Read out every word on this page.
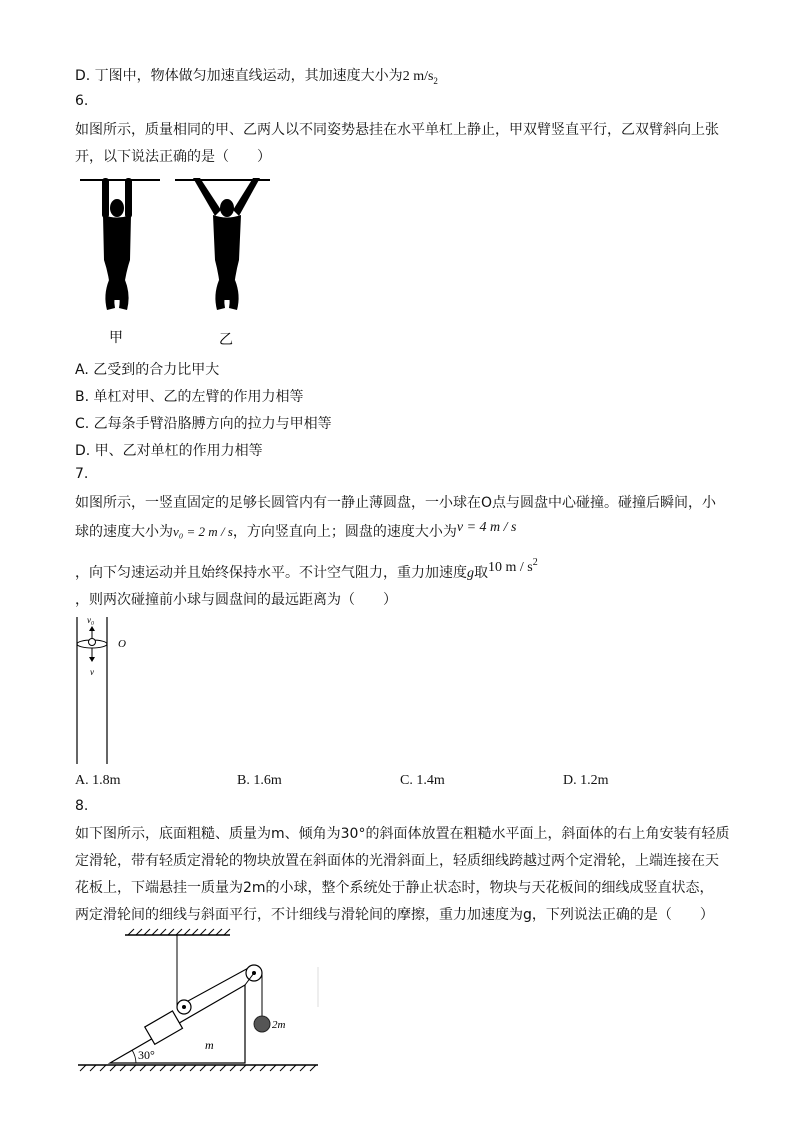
D. 丁图中，物体做匀加速直线运动，其加速度大小为2 $m/s_2$
6.
如图所示，质量相同的甲、乙两人以不同姿势悬挂在水平单杠上静止，甲双臂竖直平行，乙双臂斜向上张
开，以下说法正确的是（　　）
甲	乙
A. 乙受到的合力比甲大
B. 单杠对甲、乙的左臂的作用力相等
C. 乙每条手臂沿胳膊方向的拉力与甲相等
D. 甲、乙对单杠的作用力相等
7.
如图所示，一竖直固定的足够长圆管内有一静止薄圆盘，一小球在O点与圆盘中心碰撞。碰撞后瞬间，小
球的速度大小为v₀ = 2 m / s，方向竖直向上；圆盘的速度大小为v = 4 m / s
，向下匀速运动并且始终保持水平。不计空气阻力，重力加速度g取10 m / $s^2$
，则两次碰撞前小球与圆盘间的最远距离为（　　）
v₀
O
v
A. 1.8m	B. 1.6m	C. 1.4m	D. 1.2m
8.
如下图所示，底面粗糙、质量为m、倾角为30°的斜面体放置在粗糙水平面上，斜面体的右上角安装有轻质
定滑轮，带有轻质定滑轮的物块放置在斜面体的光滑斜面上，轻质细线跨越过两个定滑轮，上端连接在天
花板上，下端悬挂一质量为2m的小球，整个系统处于静止状态时，物块与天花板间的细线成竖直状态，
两定滑轮间的细线与斜面平行，不计细线与滑轮间的摩擦，重力加速度为g，下列说法正确的是（　　）
30°
m
2m
